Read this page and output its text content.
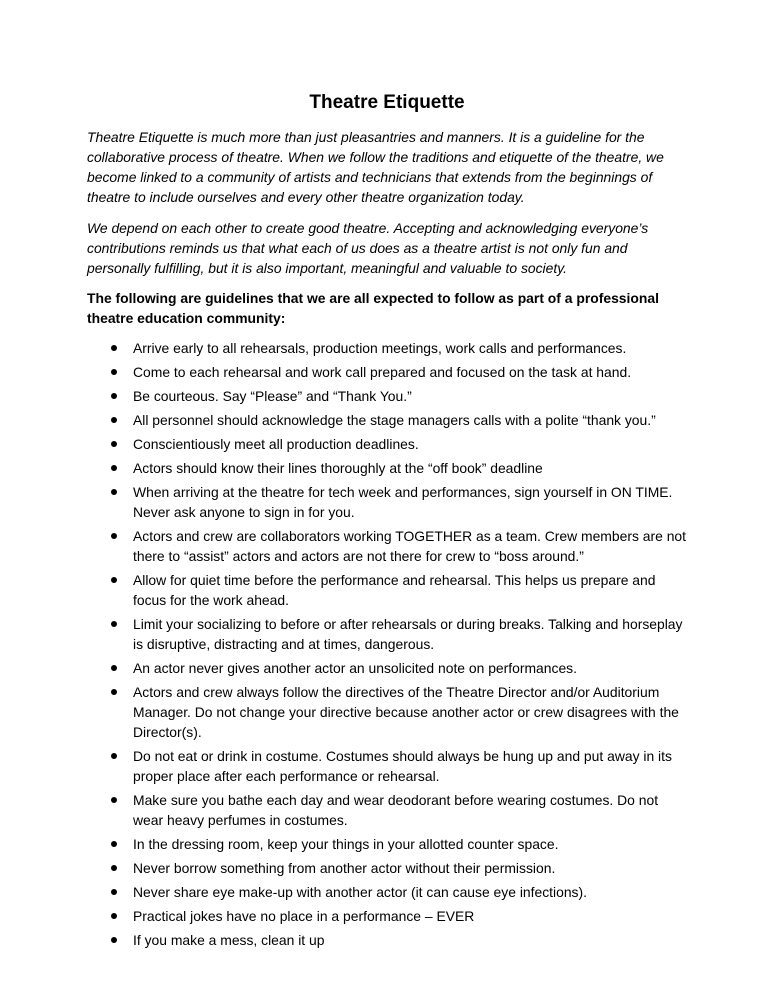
Theatre Etiquette

Theatre Etiquette is much more than just pleasantries and manners. It is a guideline for the collaborative process of theatre. When we follow the traditions and etiquette of the theatre, we become linked to a community of artists and technicians that extends from the beginnings of theatre to include ourselves and every other theatre organization today.

We depend on each other to create good theatre. Accepting and acknowledging everyone’s contributions reminds us that what each of us does as a theatre artist is not only fun and personally fulfilling, but it is also important, meaningful and valuable to society.

The following are guidelines that we are all expected to follow as part of a professional theatre education community:

Arrive early to all rehearsals, production meetings, work calls and performances.
Come to each rehearsal and work call prepared and focused on the task at hand.
Be courteous. Say “Please” and “Thank You.”
All personnel should acknowledge the stage managers calls with a polite “thank you.”
Conscientiously meet all production deadlines.
Actors should know their lines thoroughly at the “off book” deadline
When arriving at the theatre for tech week and performances, sign yourself in ON TIME. Never ask anyone to sign in for you.
Actors and crew are collaborators working TOGETHER as a team. Crew members are not there to “assist” actors and actors are not there for crew to “boss around.”
Allow for quiet time before the performance and rehearsal. This helps us prepare and focus for the work ahead.
Limit your socializing to before or after rehearsals or during breaks. Talking and horseplay is disruptive, distracting and at times, dangerous.
An actor never gives another actor an unsolicited note on performances.
Actors and crew always follow the directives of the Theatre Director and/or Auditorium Manager. Do not change your directive because another actor or crew disagrees with the Director(s).
Do not eat or drink in costume. Costumes should always be hung up and put away in its proper place after each performance or rehearsal.
Make sure you bathe each day and wear deodorant before wearing costumes. Do not wear heavy perfumes in costumes.
In the dressing room, keep your things in your allotted counter space.
Never borrow something from another actor without their permission.
Never share eye make-up with another actor (it can cause eye infections).
Practical jokes have no place in a performance – EVER
If you make a mess, clean it up
